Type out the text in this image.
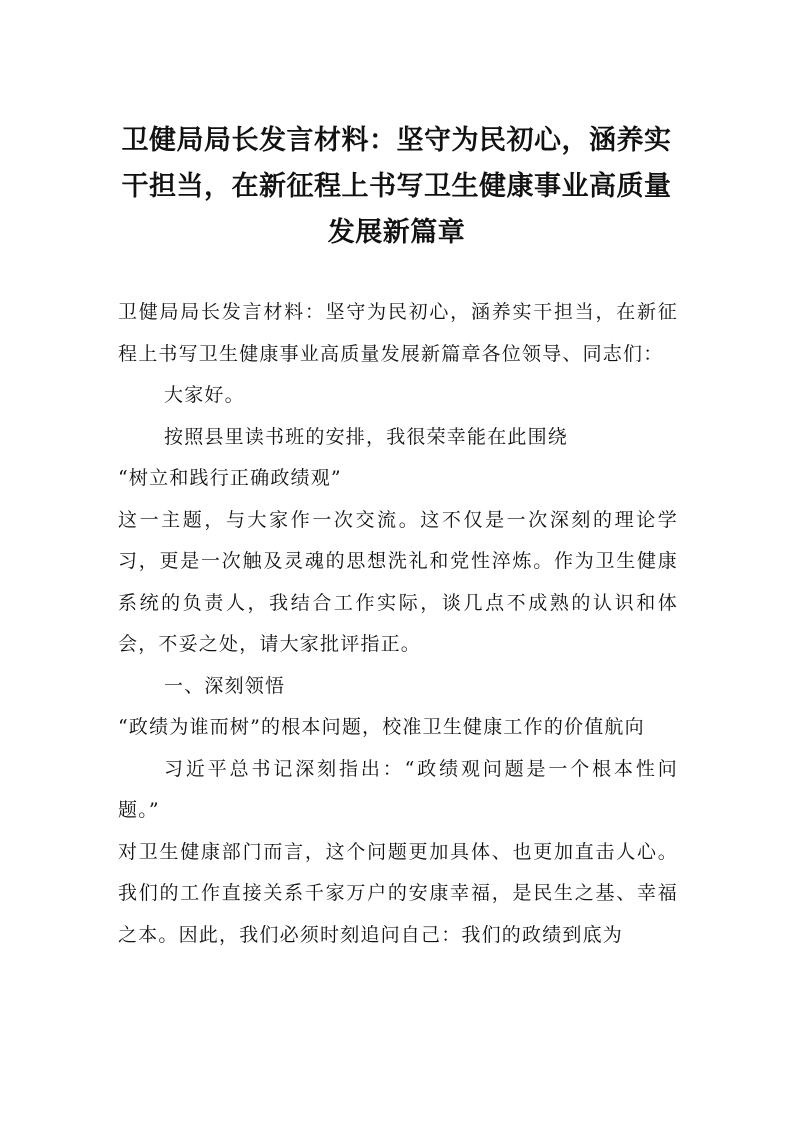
卫健局局长发言材料：坚守为民初心，涵养实干担当，在新征程上书写卫生健康事业高质量发展新篇章

卫健局局长发言材料：坚守为民初心，涵养实干担当，在新征程上书写卫生健康事业高质量发展新篇章各位领导、同志们：

大家好。

按照县里读书班的安排，我很荣幸能在此围绕

“树立和践行正确政绩观”

这一主题，与大家作一次交流。这不仅是一次深刻的理论学习，更是一次触及灵魂的思想洗礼和党性淬炼。作为卫生健康系统的负责人，我结合工作实际，谈几点不成熟的认识和体会，不妥之处，请大家批评指正。

一、深刻领悟

“政绩为谁而树”的根本问题，校准卫生健康工作的价值航向

习近平总书记深刻指出：“政绩观问题是一个根本性问题。”

对卫生健康部门而言，这个问题更加具体、也更加直击人心。我们的工作直接关系千家万户的安康幸福，是民生之基、幸福之本。因此，我们必须时刻追问自己：我们的政绩到底为
